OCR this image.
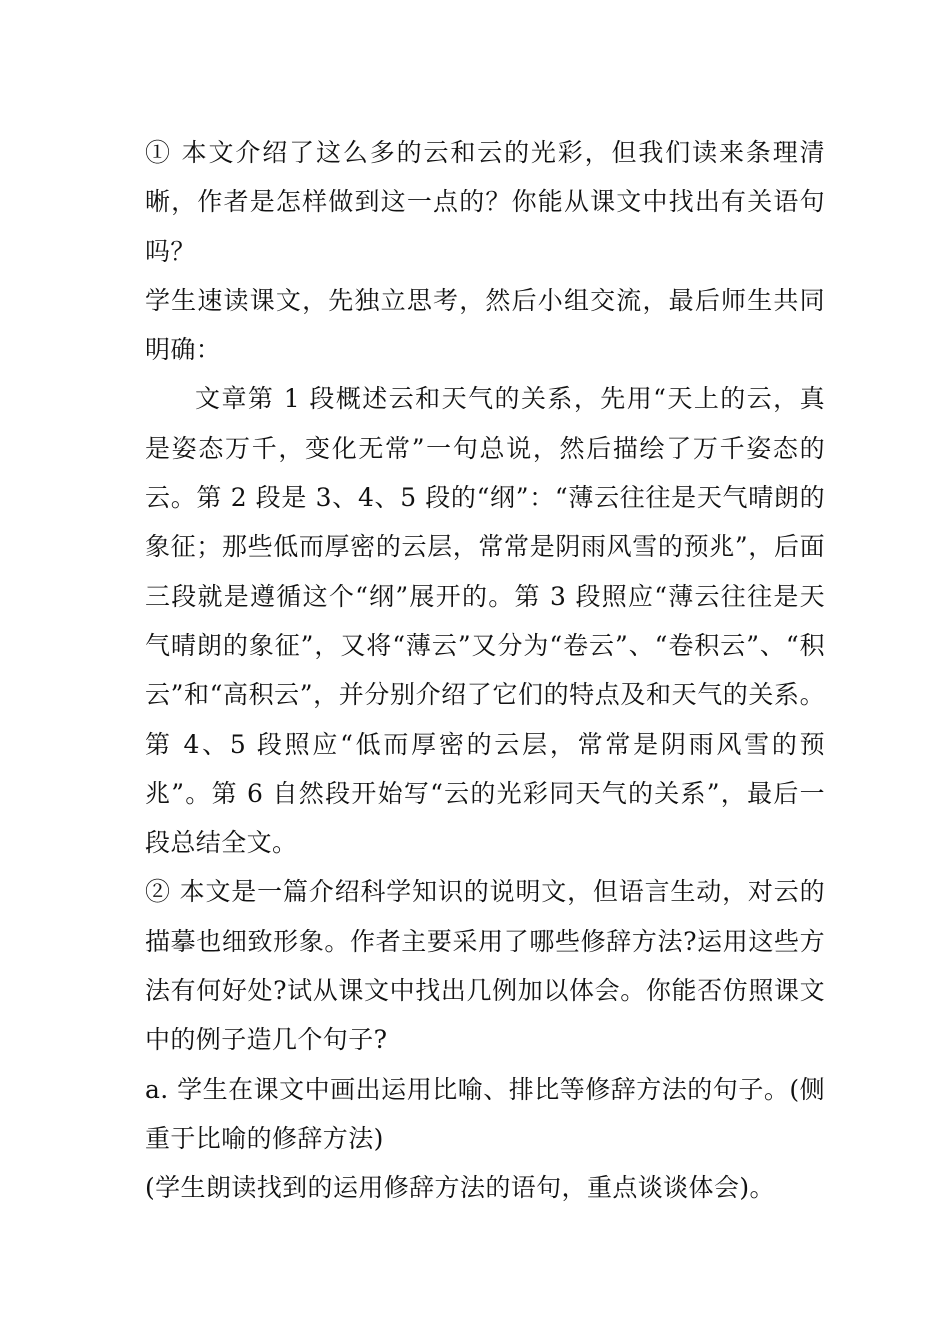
① 本文介绍了这么多的云和云的光彩，但我们读来条理清晰，作者是怎样做到这一点的？你能从课文中找出有关语句吗？

学生速读课文，先独立思考，然后小组交流，最后师生共同明确：

文章第 1 段概述云和天气的关系，先用“天上的云，真是姿态万千，变化无常”一句总说，然后描绘了万千姿态的云。第 2 段是 3、4、5 段的“纲”：“薄云往往是天气晴朗的象征；那些低而厚密的云层，常常是阴雨风雪的预兆”，后面三段就是遵循这个“纲”展开的。第 3 段照应“薄云往往是天气晴朗的象征”，又将“薄云”又分为“卷云”、“卷积云”、“积云”和“高积云”，并分别介绍了它们的特点及和天气的关系。第 4、5 段照应“低而厚密的云层，常常是阴雨风雪的预兆”。第 6 自然段开始写“云的光彩同天气的关系”，最后一段总结全文。

② 本文是一篇介绍科学知识的说明文，但语言生动，对云的描摹也细致形象。作者主要采用了哪些修辞方法?运用这些方法有何好处?试从课文中找出几例加以体会。你能否仿照课文中的例子造几个句子?

a. 学生在课文中画出运用比喻、排比等修辞方法的句子。(侧重于比喻的修辞方法)

(学生朗读找到的运用修辞方法的语句，重点谈谈体会)。
